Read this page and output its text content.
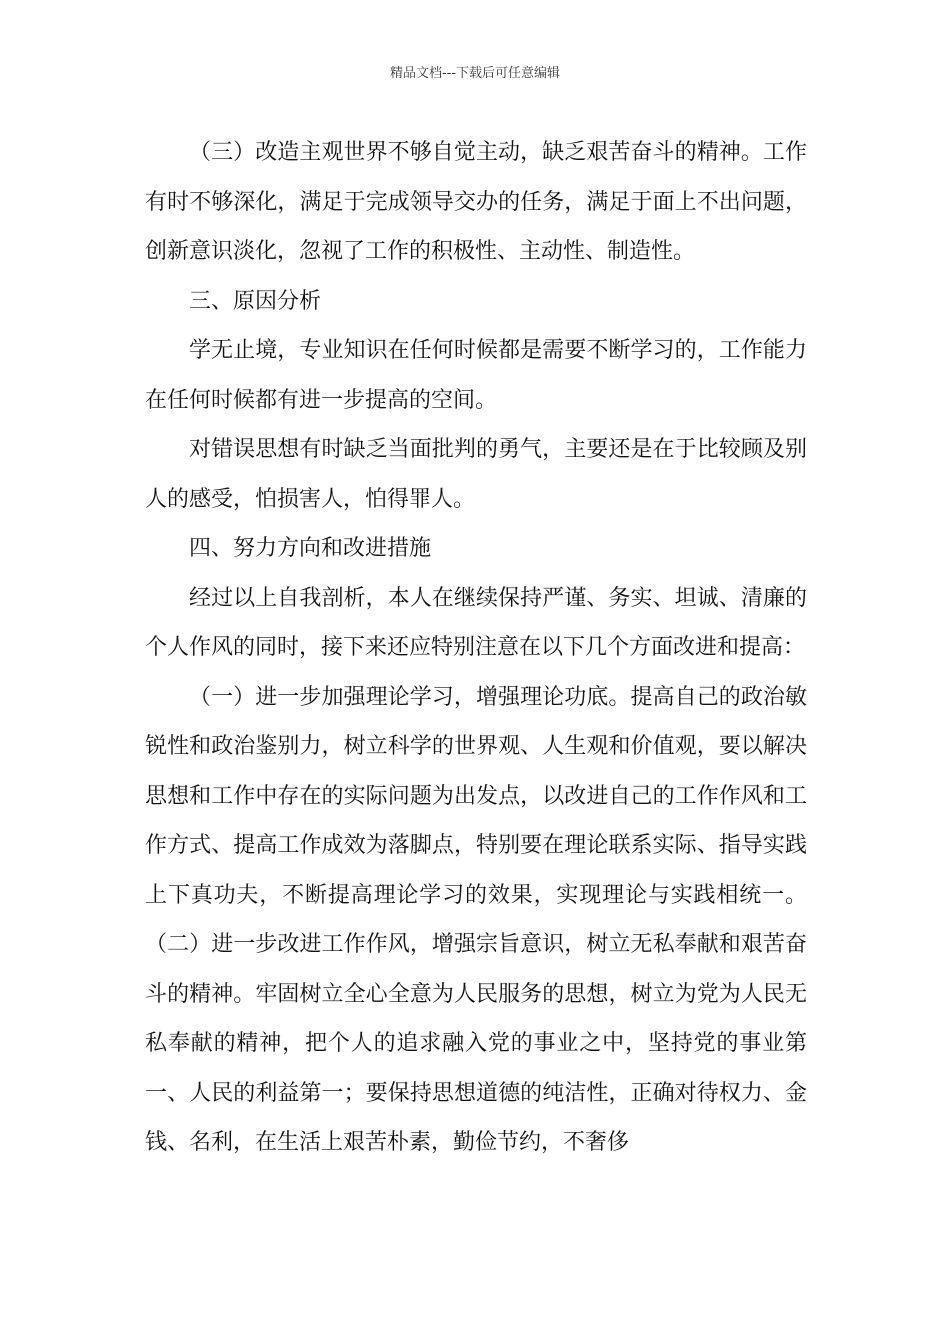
精品文档---下载后可任意编辑

（三）改造主观世界不够自觉主动，缺乏艰苦奋斗的精神。工作有时不够深化，满足于完成领导交办的任务，满足于面上不出问题，创新意识淡化，忽视了工作的积极性、主动性、制造性。

三、原因分析

学无止境，专业知识在任何时候都是需要不断学习的，工作能力在任何时候都有进一步提高的空间。

对错误思想有时缺乏当面批判的勇气，主要还是在于比较顾及别人的感受，怕损害人，怕得罪人。

四、努力方向和改进措施

经过以上自我剖析，本人在继续保持严谨、务实、坦诚、清廉的个人作风的同时，接下来还应特别注意在以下几个方面改进和提高：

（一）进一步加强理论学习，增强理论功底。提高自己的政治敏锐性和政治鉴别力，树立科学的世界观、人生观和价值观，要以解决思想和工作中存在的实际问题为出发点，以改进自己的工作作风和工作方式、提高工作成效为落脚点，特别要在理论联系实际、指导实践上下真功夫，不断提高理论学习的效果，实现理论与实践相统一。（二）进一步改进工作作风，增强宗旨意识，树立无私奉献和艰苦奋斗的精神。牢固树立全心全意为人民服务的思想，树立为党为人民无私奉献的精神，把个人的追求融入党的事业之中，坚持党的事业第一、人民的利益第一；要保持思想道德的纯洁性，正确对待权力、金钱、名利，在生活上艰苦朴素，勤俭节约，不奢侈
